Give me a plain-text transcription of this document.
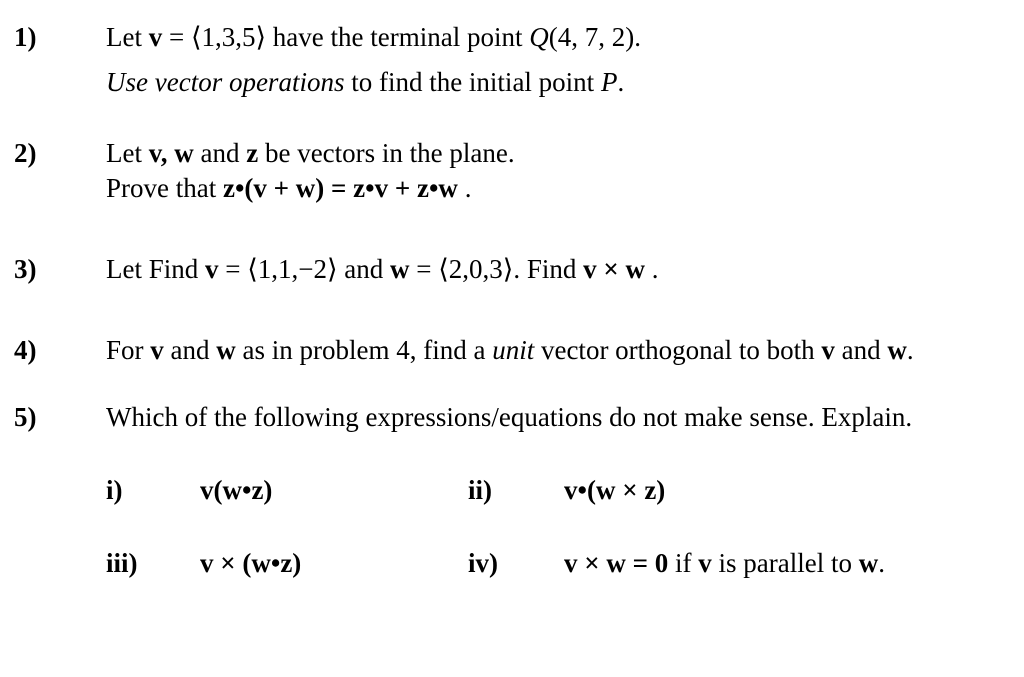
1)	Let v = ⟨1,3,5⟩ have the terminal point Q(4, 7, 2).
Use vector operations to find the initial point P.
2)	Let v, w and z be vectors in the plane.
Prove that z•(v + w) = z•v + z•w .
3)	Let Find v = ⟨1,1,−2⟩ and w = ⟨2,0,3⟩. Find v × w .
4)	For v and w as in problem 4, find a unit vector orthogonal to both v and w.
5)	Which of the following expressions/equations do not make sense. Explain.
i)	v(w•z)	ii)	v•(w × z)
iii) v × (w•z)	iv) v × w = 0 if v is parallel to w.
